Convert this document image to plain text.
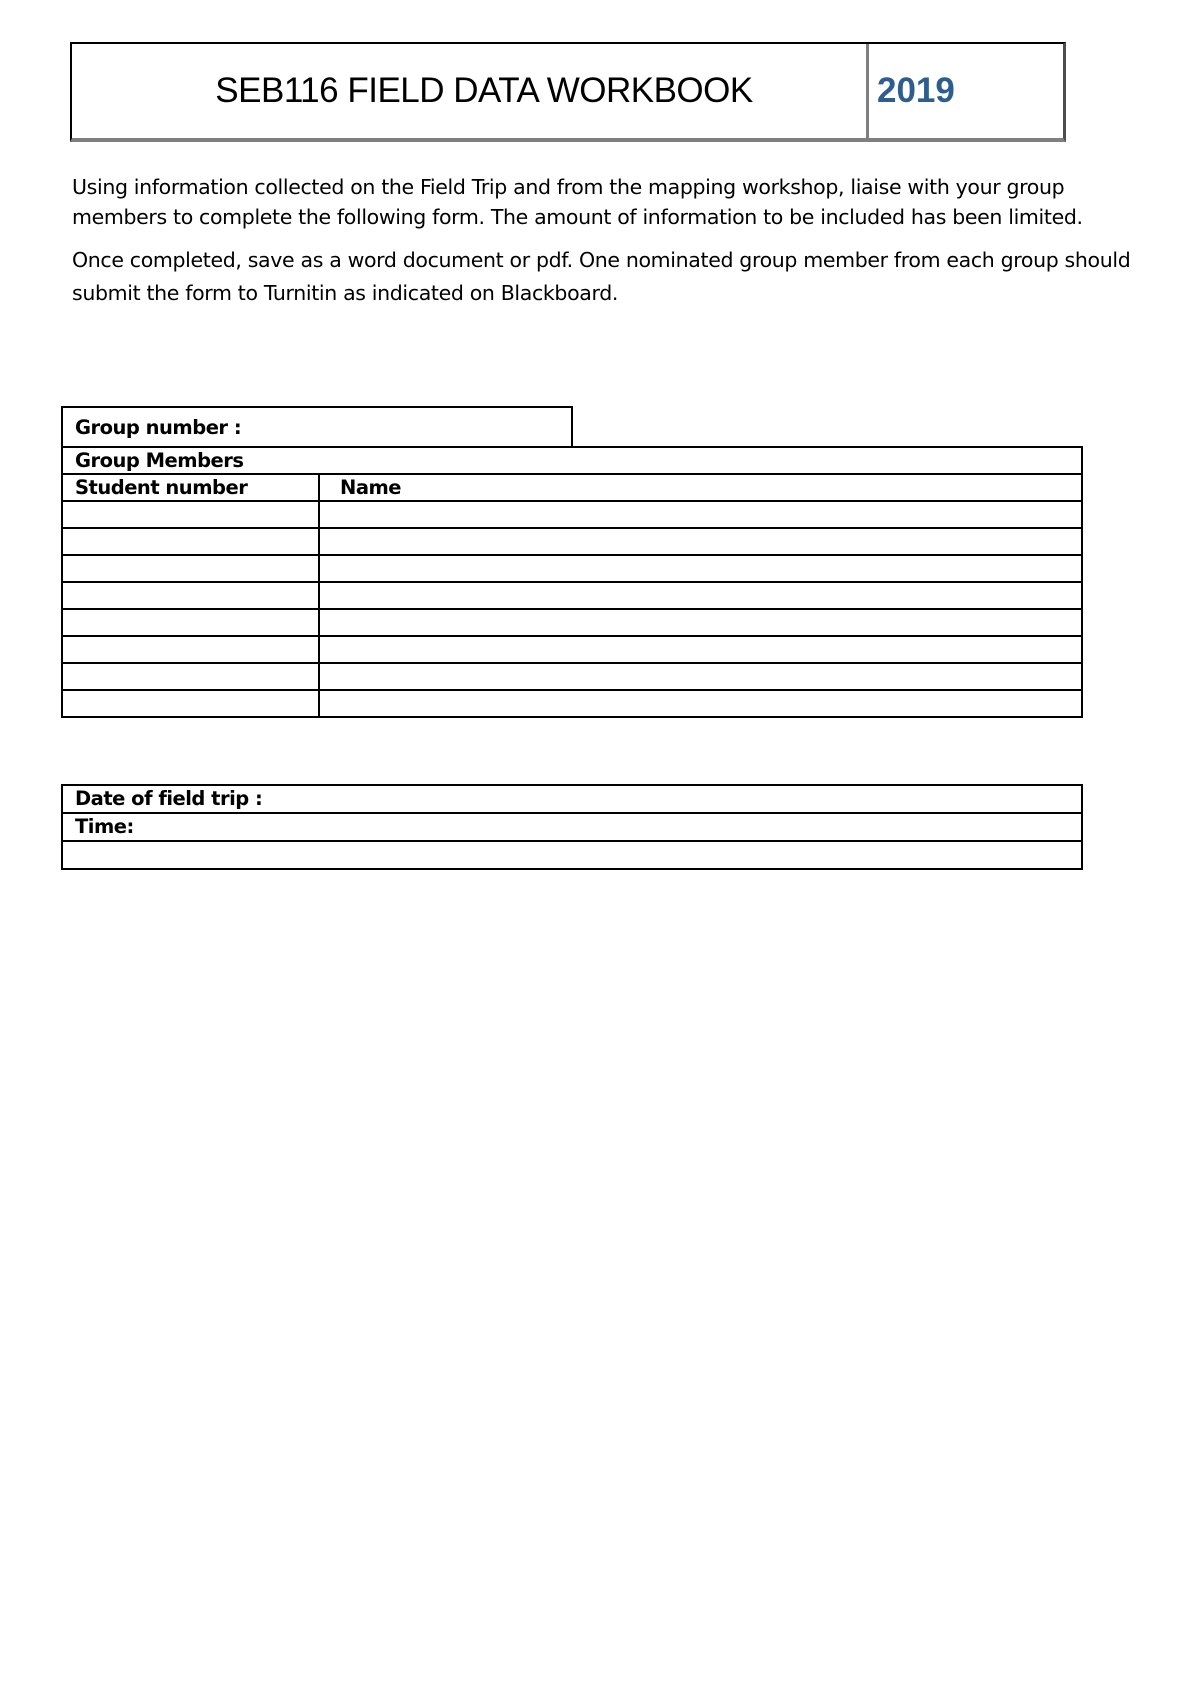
SEB116 FIELD DATA WORKBOOK	2019

Using information collected on the Field Trip and from the mapping workshop, liaise with your group members to complete the following form. The amount of information to be included has been limited.

Once completed, save as a word document or pdf. One nominated group member from each group should submit the form to Turnitin as indicated on Blackboard.

Group number :
Group Members	
Student number	Name

Date of field trip :
Time:
